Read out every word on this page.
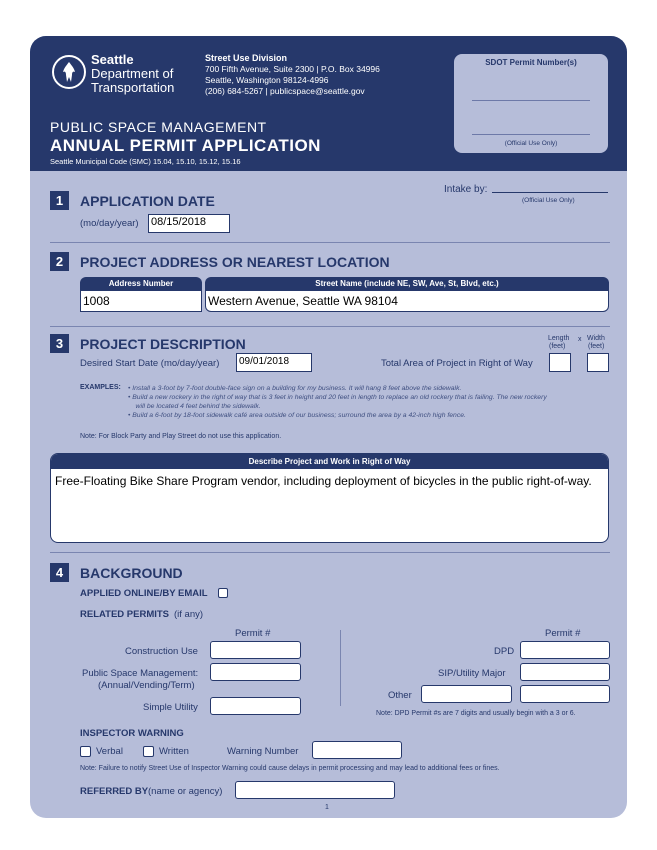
Seattle
Department of
Transportation
Street Use Division
700 Fifth Avenue, Suite 2300 | P.O. Box 34996
Seattle, Washington 98124-4996
(206) 684-5267 | publicspace@seattle.gov
PUBLIC SPACE MANAGEMENT
ANNUAL PERMIT APPLICATION
Seattle Municipal Code (SMC) 15.04, 15.10, 15.12, 15.16
SDOT Permit Number(s)
(Official Use Only)
Intake by:
(Official Use Only)
1	APPLICATION DATE
(mo/day/year) 08/15/2018
2	PROJECT ADDRESS OR NEAREST LOCATION
Address Number
1008
Street Name (include NE, SW, Ave, St, Blvd, etc.)
Western Avenue, Seattle WA 98104
3	PROJECT DESCRIPTION
Desired Start Date (mo/day/year)	09/01/2018	Total Area of Project in Right of Way
Length
(feet)
x Width
(feet)
EXAMPLES: • Install a 3-foot by 7-foot double-face sign on a building for my business. It will hang 8 feet above the sidewalk.
• Build a new rockery in the right of way that is 3 feet in height and 20 feet in length to replace an old rockery that is failing. The new rockery
will be located 4 feet behind the sidewalk.
• Build a 6-foot by 18-foot sidewalk café area outside of our business; surround the area by a 42-inch high fence.
Note: For Block Party and Play Street do not use this application.
Describe Project and Work in Right of Way
Free-Floating Bike Share Program vendor, including deployment of bicycles in the public right-of-way.
4	BACKGROUND
APPLIED ONLINE/BY EMAIL
RELATED PERMITS (if any)
Permit #	Permit #
Construction Use
Public Space Management:
(Annual/Vending/Term)
Simple Utility
DPD
SIP/Utility Major
Other
Note: DPD Permit #s are 7 digits and usually begin with a 3 or 6.
INSPECTOR WARNING
Verbal	Written	Warning Number
Note: Failure to notify Street Use of Inspector Warning could cause delays in permit processing and may lead to additional fees or fines.
REFERRED BY (name or agency)
1
